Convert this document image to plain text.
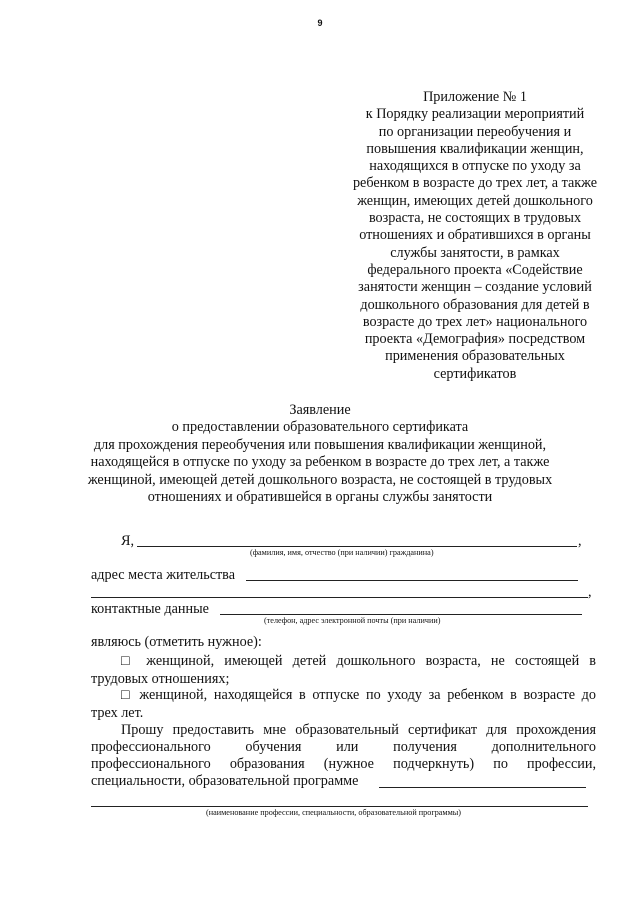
9
Приложение № 1
к Порядку реализации мероприятий
по организации переобучения и
повышения квалификации женщин,
находящихся в отпуске по уходу за
ребенком в возрасте до трех лет, а также
женщин, имеющих детей дошкольного
возраста, не состоящих в трудовых
отношениях и обратившихся в органы
службы занятости, в рамках
федерального проекта «Содействие
занятости женщин – создание условий
дошкольного образования для детей в
возрасте до трех лет» национального
проекта «Демография» посредством
применения образовательных
сертификатов
Заявление
о предоставлении образовательного сертификата
для прохождения переобучения или повышения квалификации женщиной,
находящейся в отпуске по уходу за ребенком в возрасте до трех лет, а также
женщиной, имеющей детей дошкольного возраста, не состоящей в трудовых
отношениях и обратившейся в органы службы занятости
Я,	,
(фамилия, имя, отчество (при наличии) гражданина)
адрес места жительства
,
контактные данные
(телефон, адрес электронной почты (при наличии)
являюсь (отметить нужное):
□ женщиной, имеющей детей дошкольного возраста, не состоящей в
трудовых отношениях;
□ женщиной, находящейся в отпуске по уходу за ребенком в возрасте до
трех лет.
Прошу предоставить мне образовательный сертификат для прохождения
профессионального обучения или получения дополнительного
профессионального образования (нужное подчеркнуть) по профессии,
специальности, образовательной программе
(наименование профессии, специальности, образовательной программы)
